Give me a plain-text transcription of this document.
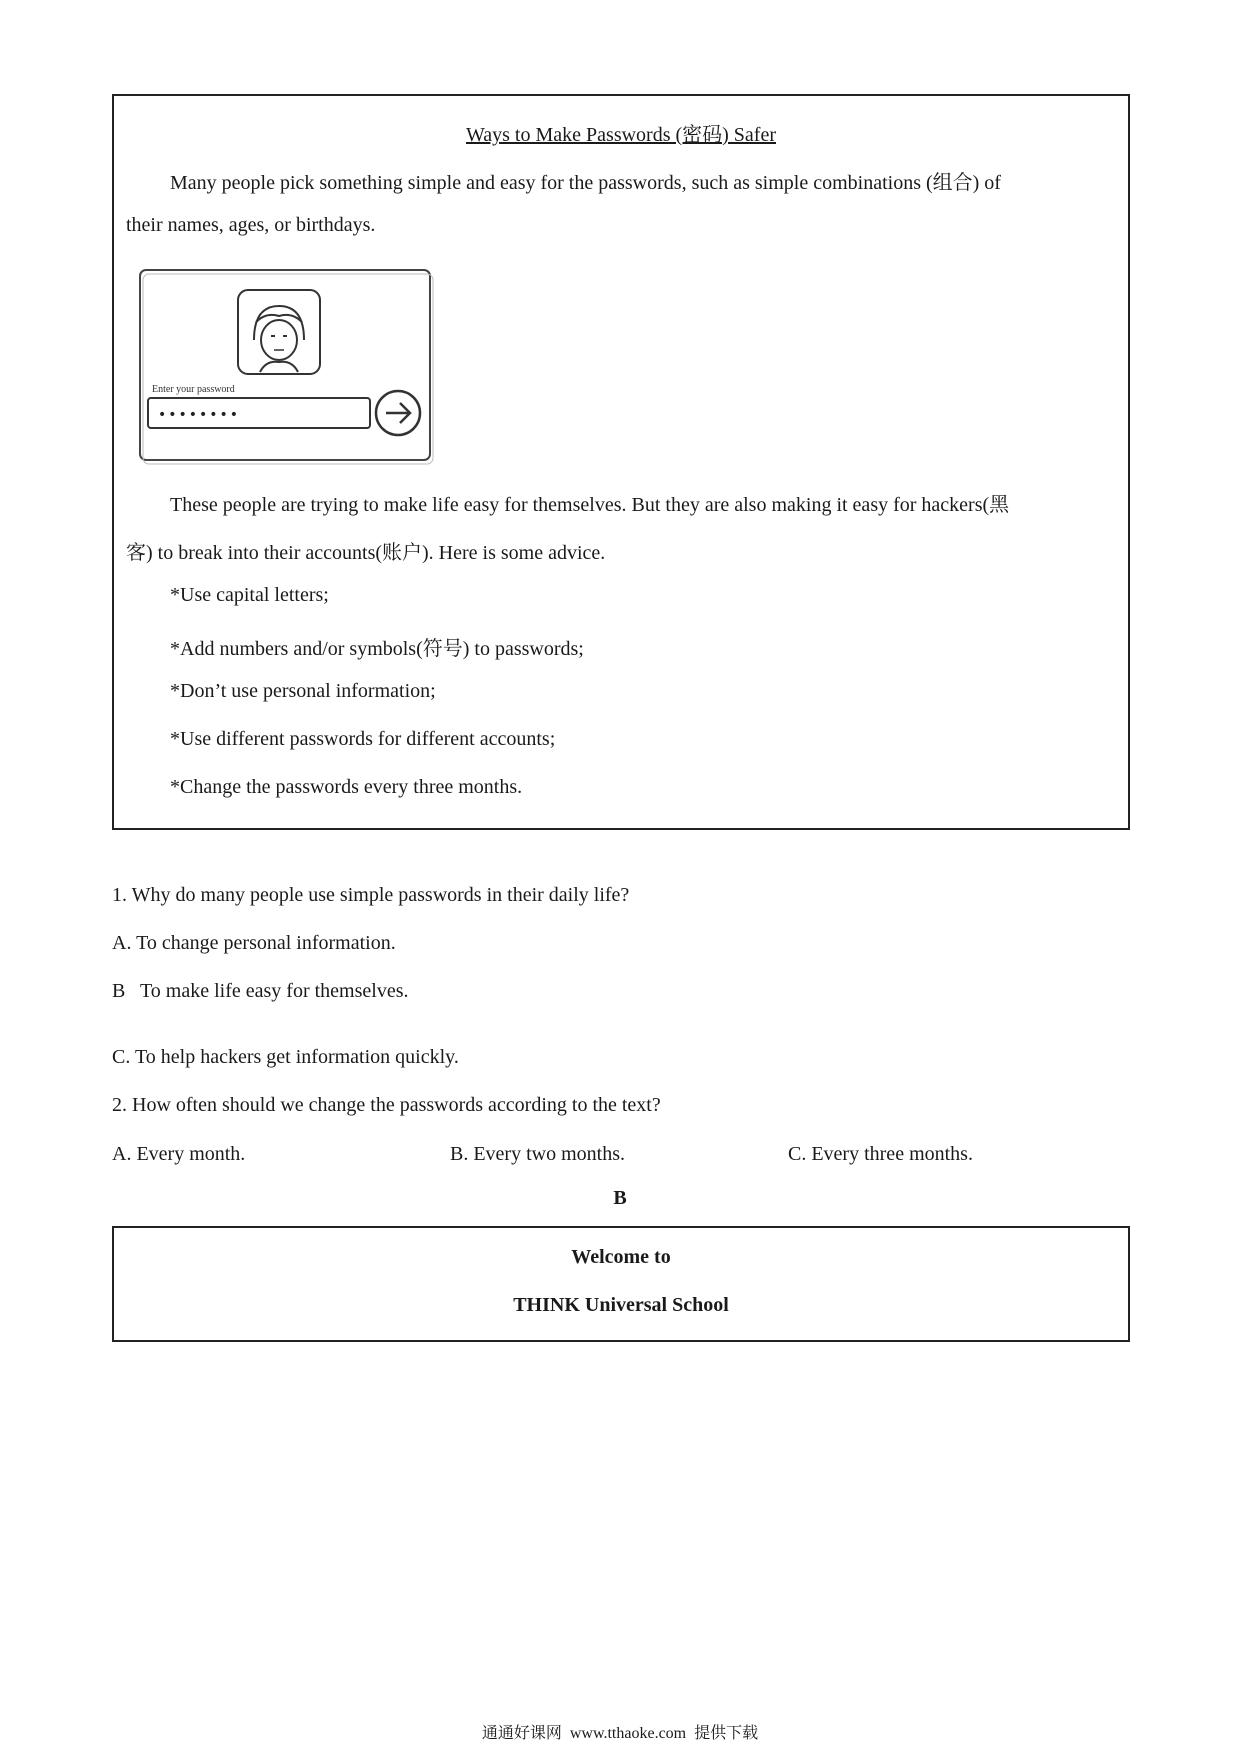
Ways to Make Passwords (密码) Safer
Many people pick something simple and easy for the passwords, such as simple combinations (组合) of
their names, ages, or birthdays.
Enter your password
••••••••
These people are trying to make life easy for themselves. But they are also making it easy for hackers(黑
客) to break into their accounts(账户). Here is some advice.
*Use capital letters;
*Add numbers and/or symbols(符号) to passwords;
*Don’t use personal information;
*Use different passwords for different accounts;
*Change the passwords every three months.
1. Why do many people use simple passwords in their daily life?
A. To change personal information.
B   To make life easy for themselves.
C. To help hackers get information quickly.
2. How often should we change the passwords according to the text?
A. Every month.	B. Every two months.	C. Every three months.
B
Welcome to
THINK Universal School
通通好课网  www.tthaoke.com  提供下载
